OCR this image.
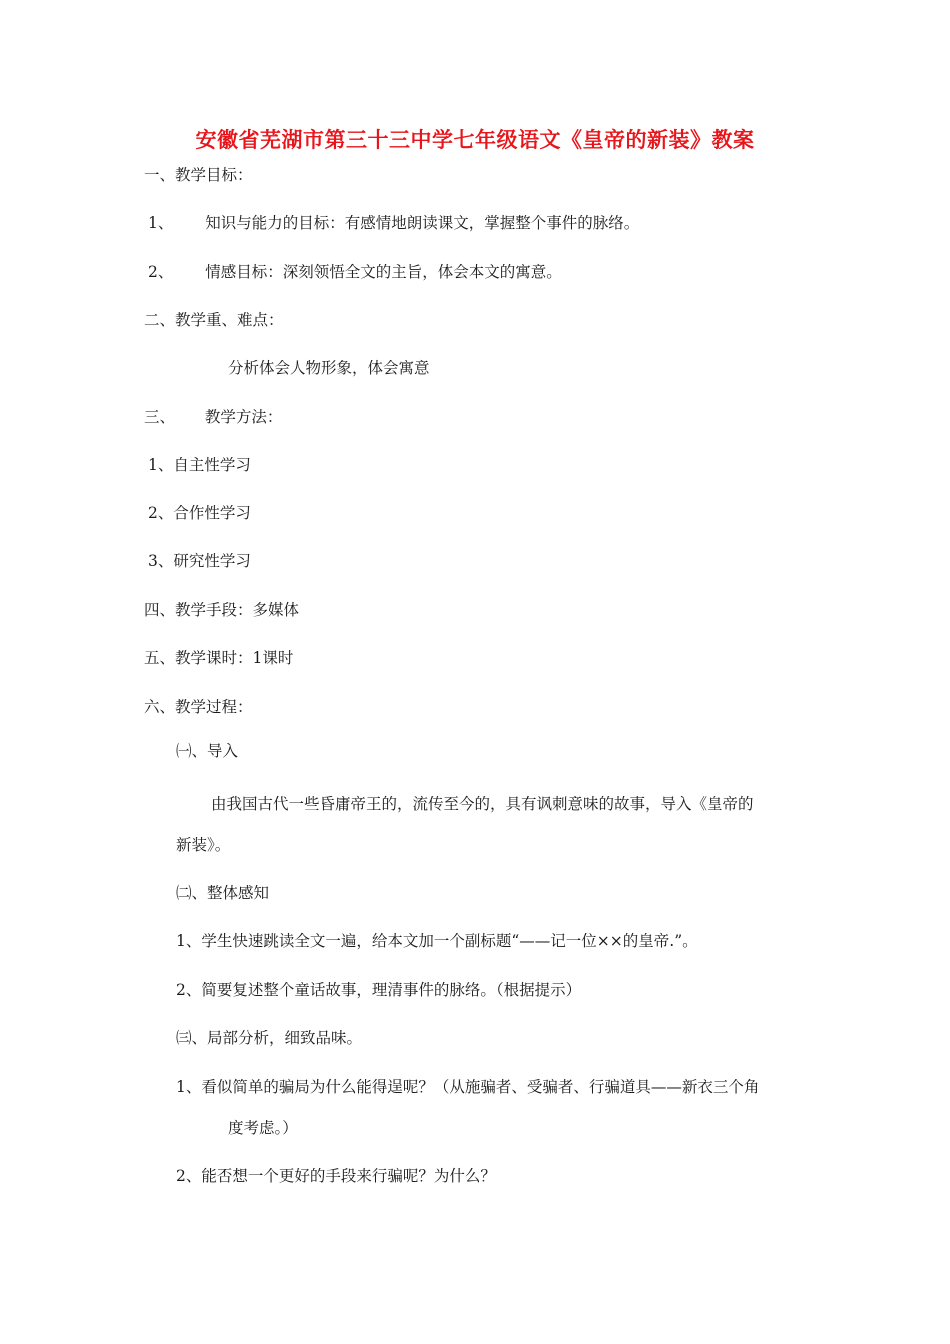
安徽省芜湖市第三十三中学七年级语文《皇帝的新装》教案
一、教学目标：
1、 知识与能力的目标：有感情地朗读课文，掌握整个事件的脉络。
2、 情感目标：深刻领悟全文的主旨，体会本文的寓意。
二、教学重、难点：
分析体会人物形象，体会寓意
三、 教学方法：
1、自主性学习
2、合作性学习
3、研究性学习
四、教学手段：多媒体
五、教学课时：1课时
六、教学过程：
㈠、导入
由我国古代一些昏庸帝王的，流传至今的，具有讽刺意味的故事，导入《皇帝的
新装》。
㈡、整体感知
1、学生快速跳读全文一遍，给本文加一个副标题“——记一位××的皇帝.”。
2、简要复述整个童话故事，理清事件的脉络。（根据提示）
㈢、局部分析，细致品味。
1、看似简单的骗局为什么能得逞呢？（从施骗者、受骗者、行骗道具——新衣三个角
度考虑。）
2、能否想一个更好的手段来行骗呢？为什么？
